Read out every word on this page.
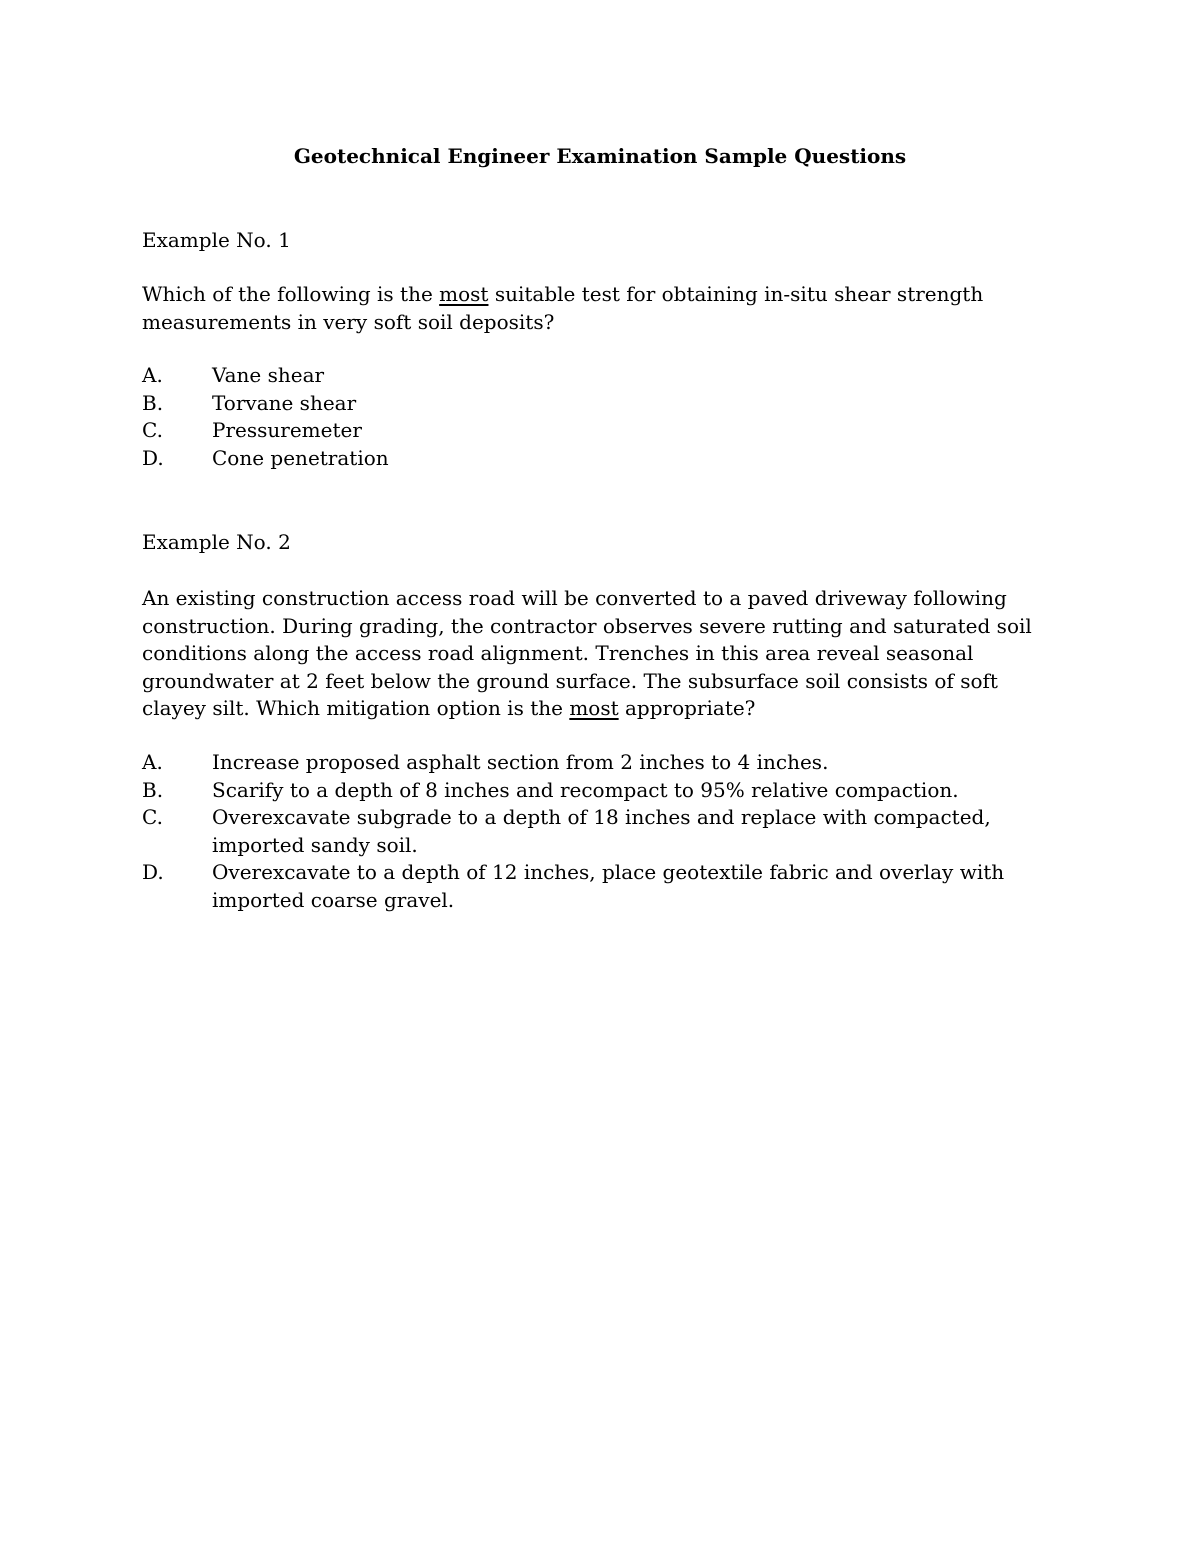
Geotechnical Engineer Examination Sample Questions

Example No. 1

Which of the following is the most suitable test for obtaining in-situ shear strength measurements in very soft soil deposits?

A.	Vane shear
B.	Torvane shear
C.	Pressuremeter
D.	Cone penetration

Example No. 2

An existing construction access road will be converted to a paved driveway following construction. During grading, the contractor observes severe rutting and saturated soil conditions along the access road alignment. Trenches in this area reveal seasonal groundwater at 2 feet below the ground surface. The subsurface soil consists of soft clayey silt. Which mitigation option is the most appropriate?

A.	Increase proposed asphalt section from 2 inches to 4 inches.
B.	Scarify to a depth of 8 inches and recompact to 95% relative compaction.
C.	Overexcavate subgrade to a depth of 18 inches and replace with compacted, imported sandy soil.
D.	Overexcavate to a depth of 12 inches, place geotextile fabric and overlay with imported coarse gravel.
